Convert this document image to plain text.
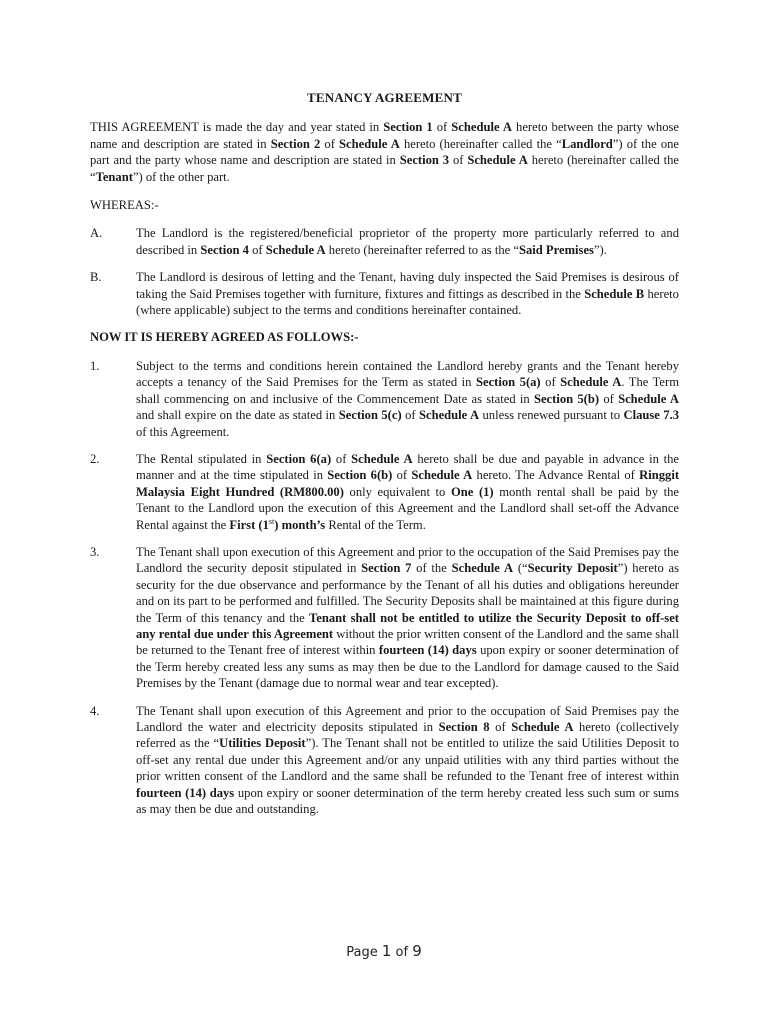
TENANCY AGREEMENT

THIS AGREEMENT is made the day and year stated in Section 1 of Schedule A hereto between the party whose name and description are stated in Section 2 of Schedule A hereto (hereinafter called the “Landlord”) of the one part and the party whose name and description are stated in Section 3 of Schedule A hereto (hereinafter called the “Tenant”) of the other part.

WHEREAS:-

A.	The Landlord is the registered/beneficial proprietor of the property more particularly referred to and described in Section 4 of Schedule A hereto (hereinafter referred to as the “Said Premises”).
B.	The Landlord is desirous of letting and the Tenant, having duly inspected the Said Premises is desirous of taking the Said Premises together with furniture, fixtures and fittings as described in the Schedule B hereto (where applicable) subject to the terms and conditions hereinafter contained.

NOW IT IS HEREBY AGREED AS FOLLOWS:-

1.	Subject to the terms and conditions herein contained the Landlord hereby grants and the Tenant hereby accepts a tenancy of the Said Premises for the Term as stated in Section 5(a) of Schedule A. The Term shall commencing on and inclusive of the Commencement Date as stated in Section 5(b) of Schedule A and shall expire on the date as stated in Section 5(c) of Schedule A unless renewed pursuant to Clause 7.3 of this Agreement.
2.	The Rental stipulated in Section 6(a) of Schedule A hereto shall be due and payable in advance in the manner and at the time stipulated in Section 6(b) of Schedule A hereto. The Advance Rental of Ringgit Malaysia Eight Hundred (RM800.00) only equivalent to One (1) month rental shall be paid by the Tenant to the Landlord upon the execution of this Agreement and the Landlord shall set-off the Advance Rental against the First (1st) month’s Rental of the Term.
3.	The Tenant shall upon execution of this Agreement and prior to the occupation of the Said Premises pay the Landlord the security deposit stipulated in Section 7 of the Schedule A (“Security Deposit”) hereto as security for the due observance and performance by the Tenant of all his duties and obligations hereunder and on its part to be performed and fulfilled. The Security Deposits shall be maintained at this figure during the Term of this tenancy and the Tenant shall not be entitled to utilize the Security Deposit to off-set any rental due under this Agreement without the prior written consent of the Landlord and the same shall be returned to the Tenant free of interest within fourteen (14) days upon expiry or sooner determination of the Term hereby created less any sums as may then be due to the Landlord for damage caused to the Said Premises by the Tenant (damage due to normal wear and tear excepted).
4.	The Tenant shall upon execution of this Agreement and prior to the occupation of Said Premises pay the Landlord the water and electricity deposits stipulated in Section 8 of Schedule A hereto (collectively referred as the “Utilities Deposit”). The Tenant shall not be entitled to utilize the said Utilities Deposit to off-set any rental due under this Agreement and/or any unpaid utilities with any third parties without the prior written consent of the Landlord and the same shall be refunded to the Tenant free of interest within fourteen (14) days upon expiry or sooner determination of the term hereby created less such sum or sums as may then be due and outstanding.
Page 1 of 9
